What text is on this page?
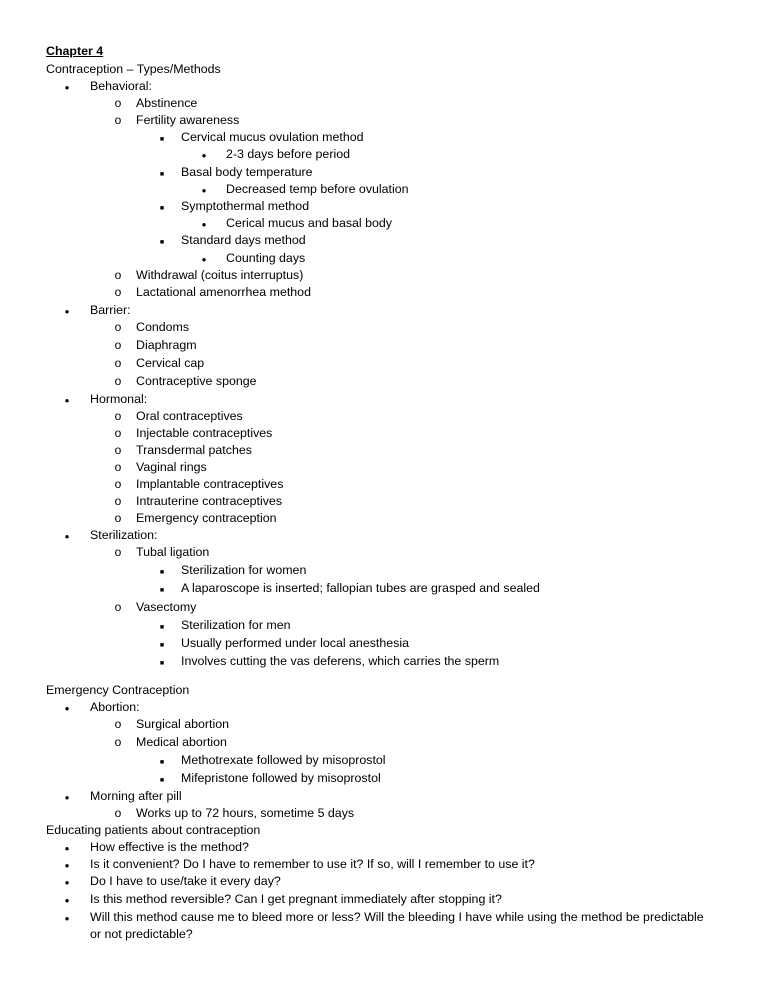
Chapter 4
Contraception – Types/Methods
●
Behavioral:
o
Abstinence
o
Fertility awareness
■
Cervical mucus ovulation method
●
2-3 days before period
■
Basal body temperature
●
Decreased temp before ovulation
■
Symptothermal method
●
Cerical mucus and basal body
■
Standard days method
●
Counting days
o
Withdrawal (coitus interruptus)
o
Lactational amenorrhea method
●
Barrier:
o
Condoms
o
Diaphragm
o
Cervical cap
o
Contraceptive sponge
●
Hormonal:
o
Oral contraceptives
o
Injectable contraceptives
o
Transdermal patches
o
Vaginal rings
o
Implantable contraceptives
o
Intrauterine contraceptives
o
Emergency contraception
●
Sterilization:
o
Tubal ligation
■
Sterilization for women
■
A laparoscope is inserted; fallopian tubes are grasped and sealed
o
Vasectomy
■
Sterilization for men
■
Usually performed under local anesthesia
■
Involves cutting the vas deferens, which carries the sperm
Emergency Contraception
●
Abortion:
o
Surgical abortion
o
Medical abortion
■
Methotrexate followed by misoprostol
■
Mifepristone followed by misoprostol
●
Morning after pill
o
Works up to 72 hours, sometime 5 days
Educating patients about contraception
●
How effective is the method?
●
Is it convenient? Do I have to remember to use it? If so, will I remember to use it?
●
Do I have to use/take it every day?
●
Is this method reversible? Can I get pregnant immediately after stopping it?
●
Will this method cause me to bleed more or less? Will the bleeding I have while using the method be predictable
or not predictable?
